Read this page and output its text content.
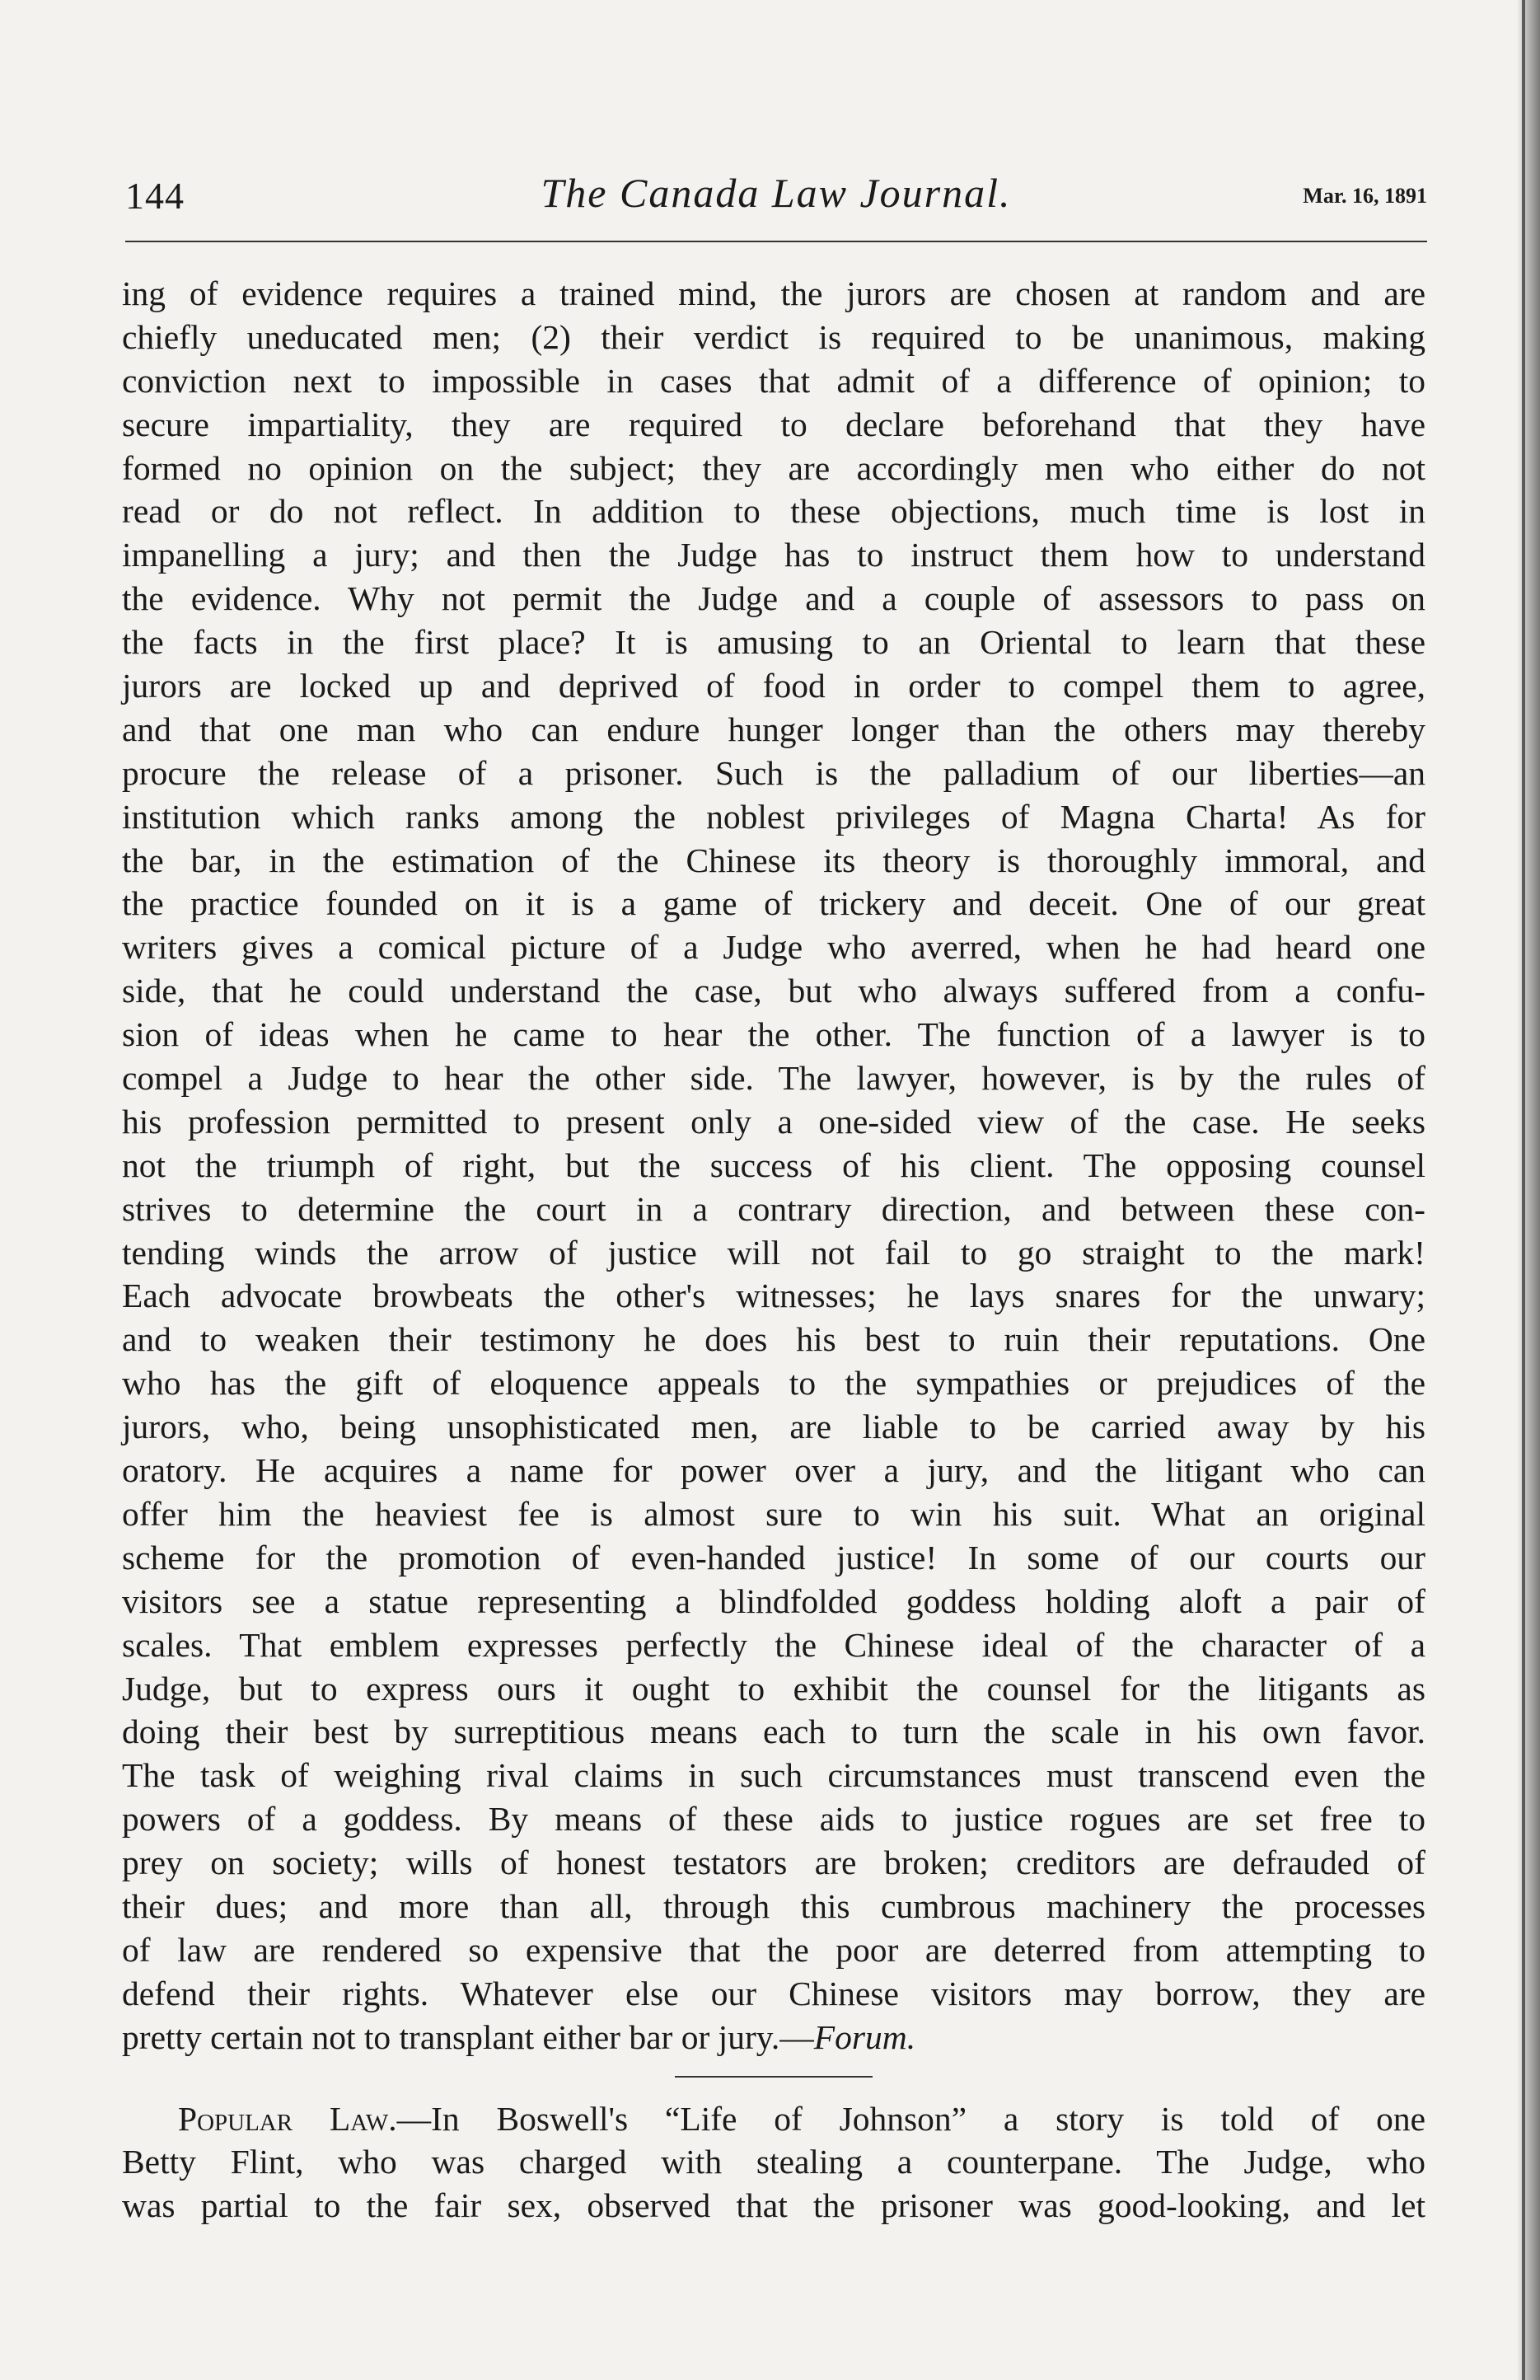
144	The Canada Law Journal.	Mar. 16, 1891
ing of evidence requires a trained mind, the jurors are chosen at random and are
chiefly uneducated men; (2) their verdict is required to be unanimous, making
conviction next to impossible in cases that admit of a difference of opinion; to
secure impartiality, they are required to declare beforehand that they have
formed no opinion on the subject; they are accordingly men who either do not
read or do not reflect. In addition to these objections, much time is lost in
impanelling a jury; and then the Judge has to instruct them how to understand
the evidence. Why not permit the Judge and a couple of assessors to pass on
the facts in the first place? It is amusing to an Oriental to learn that these
jurors are locked up and deprived of food in order to compel them to agree,
and that one man who can endure hunger longer than the others may thereby
procure the release of a prisoner. Such is the palladium of our liberties—an
institution which ranks among the noblest privileges of Magna Charta! As for
the bar, in the estimation of the Chinese its theory is thoroughly immoral, and
the practice founded on it is a game of trickery and deceit. One of our great
writers gives a comical picture of a Judge who averred, when he had heard one
side, that he could understand the case, but who always suffered from a confu-
sion of ideas when he came to hear the other. The function of a lawyer is to
compel a Judge to hear the other side. The lawyer, however, is by the rules of
his profession permitted to present only a one-sided view of the case. He seeks
not the triumph of right, but the success of his client. The opposing counsel
strives to determine the court in a contrary direction, and between these con-
tending winds the arrow of justice will not fail to go straight to the mark!
Each advocate browbeats the other's witnesses; he lays snares for the unwary;
and to weaken their testimony he does his best to ruin their reputations. One
who has the gift of eloquence appeals to the sympathies or prejudices of the
jurors, who, being unsophisticated men, are liable to be carried away by his
oratory. He acquires a name for power over a jury, and the litigant who can
offer him the heaviest fee is almost sure to win his suit. What an original
scheme for the promotion of even-handed justice! In some of our courts our
visitors see a statue representing a blindfolded goddess holding aloft a pair of
scales. That emblem expresses perfectly the Chinese ideal of the character of a
Judge, but to express ours it ought to exhibit the counsel for the litigants as
doing their best by surreptitious means each to turn the scale in his own favor.
The task of weighing rival claims in such circumstances must transcend even the
powers of a goddess. By means of these aids to justice rogues are set free to
prey on society; wills of honest testators are broken; creditors are defrauded of
their dues; and more than all, through this cumbrous machinery the processes
of law are rendered so expensive that the poor are deterred from attempting to
defend their rights. Whatever else our Chinese visitors may borrow, they are
pretty certain not to transplant either bar or jury.—Forum.
Popular Law.—In Boswell's “Life of Johnson” a story is told of one
Betty Flint, who was charged with stealing a counterpane. The Judge, who
was partial to the fair sex, observed that the prisoner was good-looking, and let
